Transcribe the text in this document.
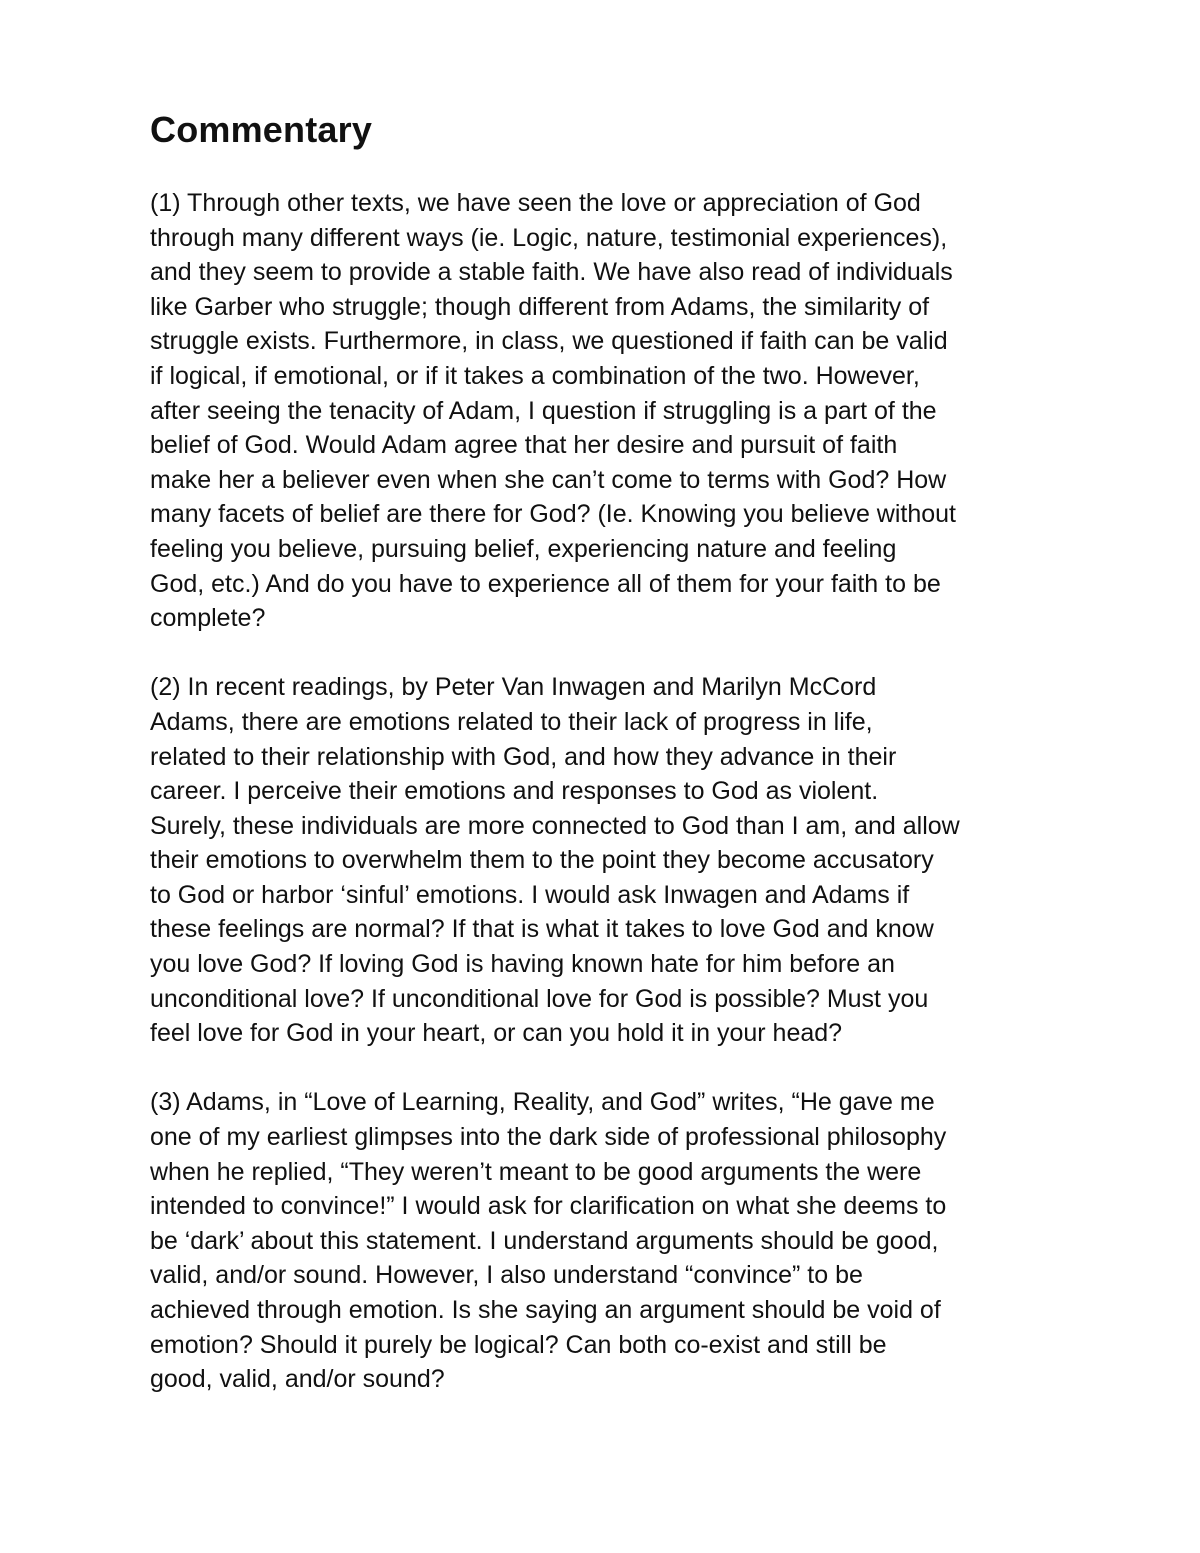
Commentary

(1) Through other texts, we have seen the love or appreciation of God
through many different ways (ie. Logic, nature, testimonial experiences),
and they seem to provide a stable faith. We have also read of individuals
like Garber who struggle; though different from Adams, the similarity of
struggle exists. Furthermore, in class, we questioned if faith can be valid
if logical, if emotional, or if it takes a combination of the two. However,
after seeing the tenacity of Adam, I question if struggling is a part of the
belief of God. Would Adam agree that her desire and pursuit of faith
make her a believer even when she can’t come to terms with God? How
many facets of belief are there for God? (Ie. Knowing you believe without
feeling you believe, pursuing belief, experiencing nature and feeling
God, etc.) And do you have to experience all of them for your faith to be
complete?

(2) In recent readings, by Peter Van Inwagen and Marilyn McCord
Adams, there are emotions related to their lack of progress in life,
related to their relationship with God, and how they advance in their
career. I perceive their emotions and responses to God as violent.
Surely, these individuals are more connected to God than I am, and allow
their emotions to overwhelm them to the point they become accusatory
to God or harbor ‘sinful’ emotions. I would ask Inwagen and Adams if
these feelings are normal? If that is what it takes to love God and know
you love God? If loving God is having known hate for him before an
unconditional love? If unconditional love for God is possible? Must you
feel love for God in your heart, or can you hold it in your head?

(3) Adams, in “Love of Learning, Reality, and God” writes, “He gave me
one of my earliest glimpses into the dark side of professional philosophy
when he replied, “They weren’t meant to be good arguments the were
intended to convince!” I would ask for clarification on what she deems to
be ‘dark’ about this statement. I understand arguments should be good,
valid, and/or sound. However, I also understand “convince” to be
achieved through emotion. Is she saying an argument should be void of
emotion? Should it purely be logical? Can both co-exist and still be
good, valid, and/or sound?
